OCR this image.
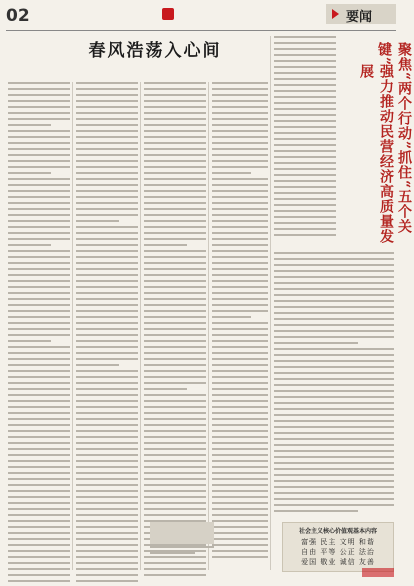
02	要闻
春风浩荡入心间
强力推动民营经济高质量发展	聚焦“两个行动”抓住“五个关键”
社会主义核心价值观基本内容
富强 民主 文明 和谐
自由 平等 公正 法治
爱国 敬业 诚信 友善
